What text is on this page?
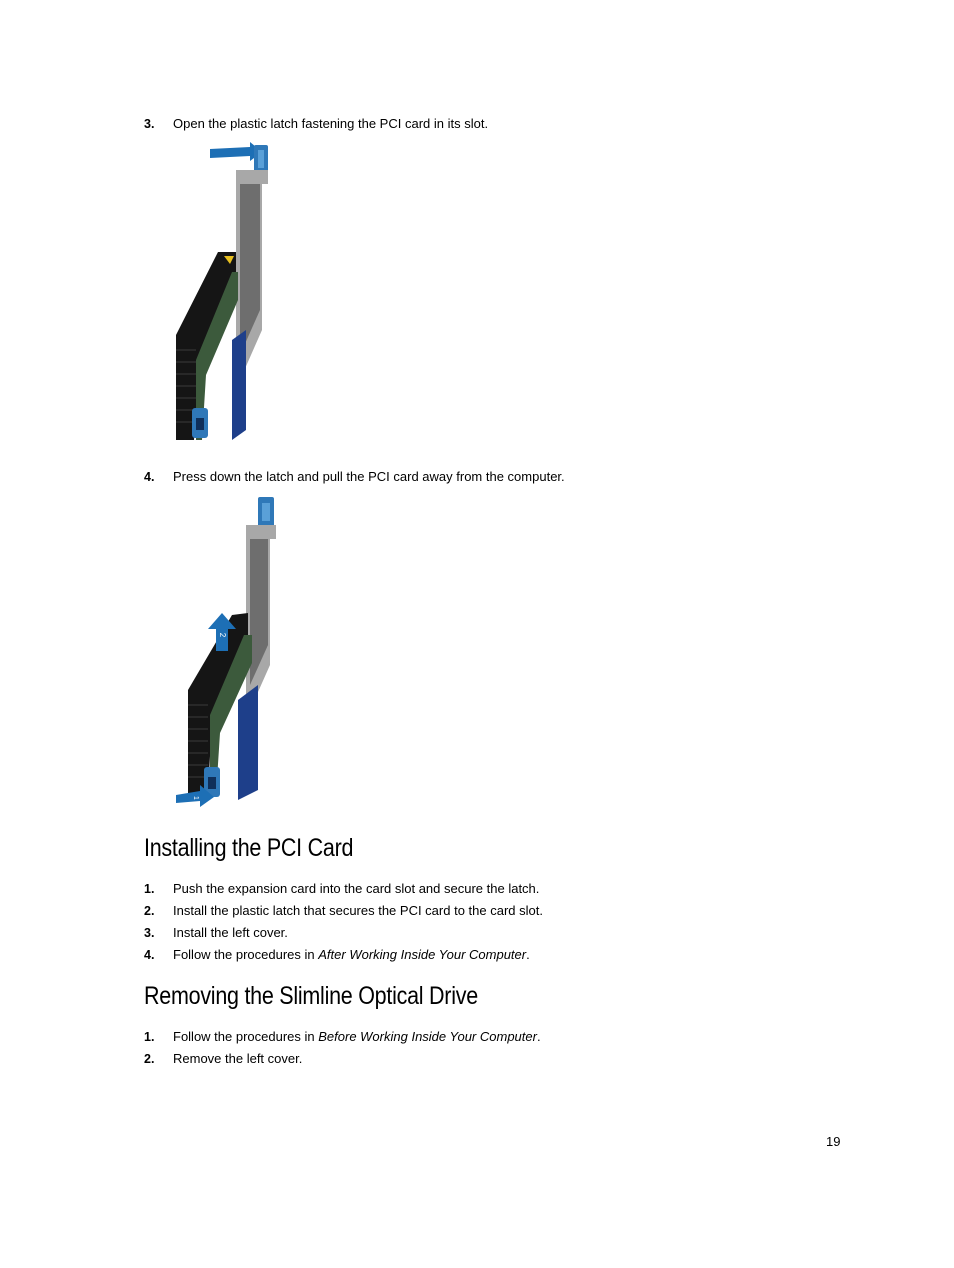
3. Open the plastic latch fastening the PCI card in its slot.
4. Press down the latch and pull the PCI card away from the computer.
2
1
Installing the PCI Card
1. Push the expansion card into the card slot and secure the latch.
2. Install the plastic latch that secures the PCI card to the card slot.
3. Install the left cover.
4. Follow the procedures in After Working Inside Your Computer.
Removing the Slimline Optical Drive
1. Follow the procedures in Before Working Inside Your Computer.
2. Remove the left cover.
19
